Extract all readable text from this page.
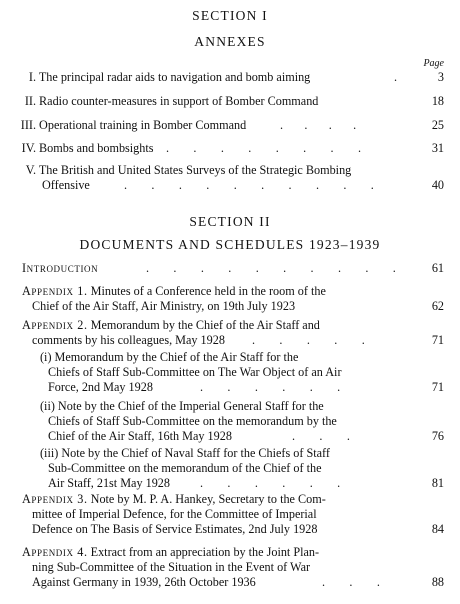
SECTION I
ANNEXES
Page
I. The principal radar aids to navigation and bomb aiming	.	3
II. Radio counter-measures in support of Bomber Command	18
III. Operational training in Bomber Command	.       .       .       .	25
IV. Bombs and bombsights .        .        .        .        .        .        .        .	31
V. The British and United States Surveys of the Strategic Bombing
Offensive	.        .        .        .        .        .        .        .        .        .	40
SECTION II
DOCUMENTS AND SCHEDULES 1923–1939
Introduction	.        .        .        .        .        .        .        .        .        .	61
Appendix 1. Minutes of a Conference held in the room of the
Chief of the Air Staff, Air Ministry, on 19th July 1923	62
Appendix 2. Memorandum by the Chief of the Air Staff and
comments by his colleagues, May 1928 .        .        .        .        .	71
(i) Memorandum by the Chief of the Air Staff for the
Chiefs of Staff Sub-Committee on The War Object of an Air
Force, 2nd May 1928	.        .        .        .        .        .	71
(ii) Note by the Chief of the Imperial General Staff for the
Chiefs of Staff Sub-Committee on the memorandum by the
Chief of the Air Staff, 16th May 1928	.        .        .	76
(iii) Note by the Chief of Naval Staff for the Chiefs of Staff
Sub-Committee on the memorandum of the Chief of the
Air Staff, 21st May 1928 .        .        .        .        .        .	81
Appendix 3. Note by M. P. A. Hankey, Secretary to the Com-
mittee of Imperial Defence, for the Committee of Imperial
Defence on The Basis of Service Estimates, 2nd July 1928	84
Appendix 4. Extract from an appreciation by the Joint Plan-
ning Sub-Committee of the Situation in the Event of War
Against Germany in 1939, 26th October 1936	.        .        .	88
